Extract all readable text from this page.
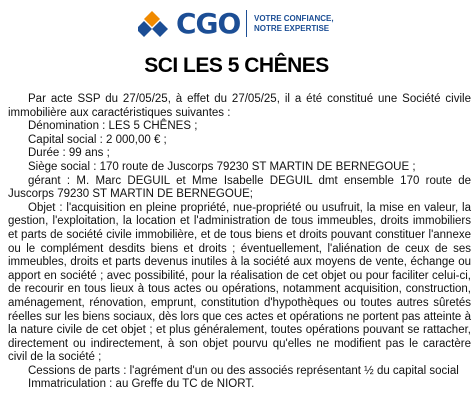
CGO VOTRE CONFIANCE,
NOTRE EXPERTISE
SCI LES 5 CHÊNES

Par acte SSP du 27/05/25, à effet du 27/05/25, il a été constitué une Société civile immobilière aux caractéristiques suivantes :

Dénomination : LES 5 CHÊNES ;

Capital social : 2 000,00 € ;

Durée : 99 ans ;

Siège social : 170 route de Juscorps 79230 ST MARTIN DE BERNEGOUE ;

gérant : M. Marc DEGUIL et Mme Isabelle DEGUIL dmt ensemble 170 route de Juscorps 79230 ST MARTIN DE BERNEGOUE;

Objet : l'acquisition en pleine propriété, nue-propriété ou usufruit, la mise en valeur, la gestion, l'exploitation, la location et l'administration de tous immeubles, droits immobiliers et parts de société civile immobilière, et de tous biens et droits pouvant constituer l'annexe ou le complément desdits biens et droits ; éventuellement, l'aliénation de ceux de ses immeubles, droits et parts devenus inutiles à la société aux moyens de vente, échange ou apport en société ; avec possibilité, pour la réalisation de cet objet ou pour faciliter celui-ci, de recourir en tous lieux à tous actes ou opérations, notamment acquisition, construction, aménagement, rénovation, emprunt, constitution d'hypothèques ou toutes autres sûretés réelles sur les biens sociaux, dès lors que ces actes et opérations ne portent pas atteinte à la nature civile de cet objet ; et plus généralement, toutes opérations pouvant se rattacher, directement ou indirectement, à son objet pourvu qu'elles ne modifient pas le caractère civil de la société ;

Cessions de parts : l'agrément d'un ou des associés représentant ½ du capital social

Immatriculation : au Greffe du TC de NIORT.
